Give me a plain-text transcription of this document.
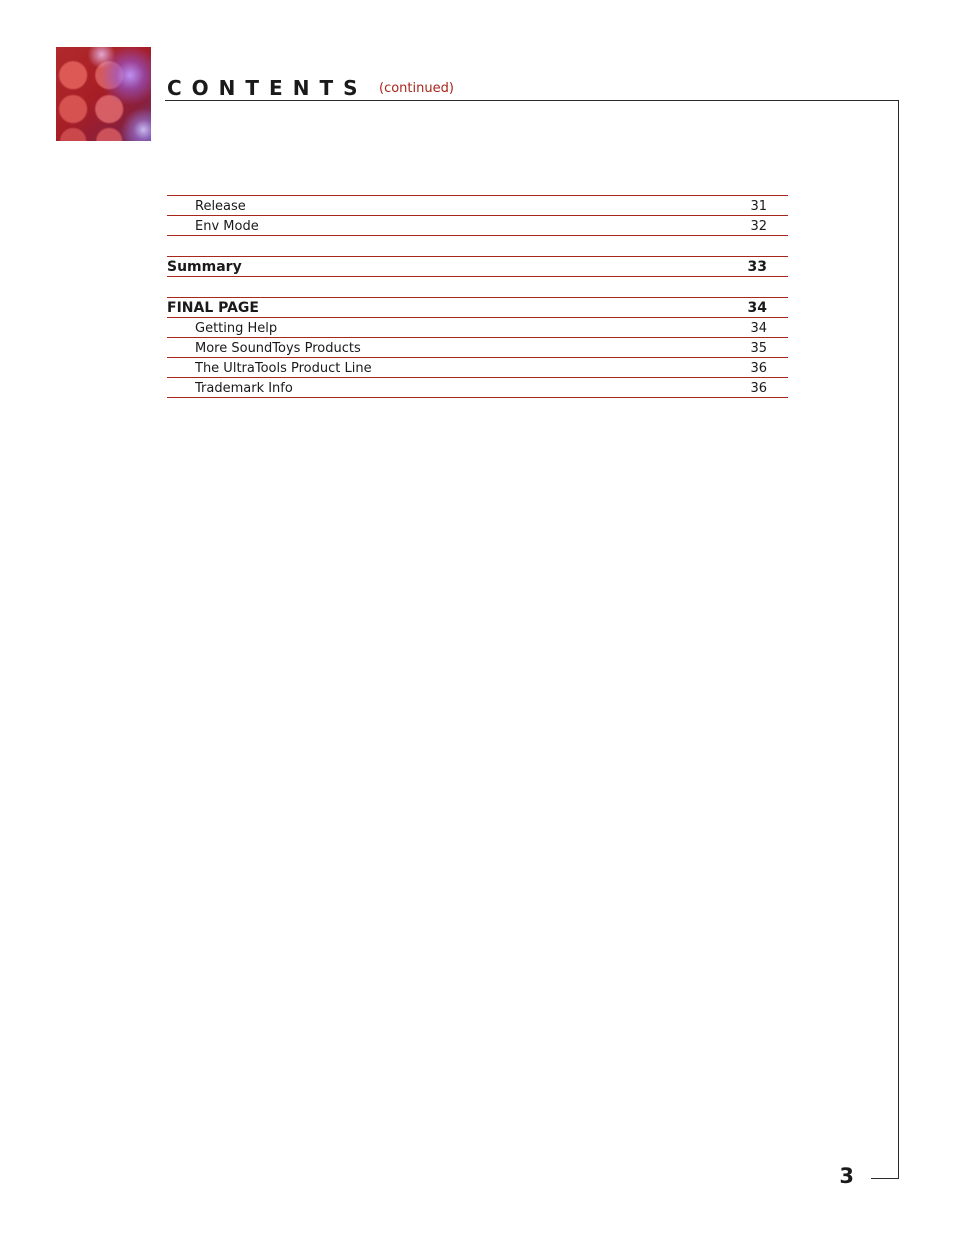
CONTENTS (continued)
Release	31
Env Mode	32
Summary	33
FINAL PAGE	34
Getting Help	34
More SoundToys Products	35
The UltraTools Product Line	36
Trademark Info	36
3
